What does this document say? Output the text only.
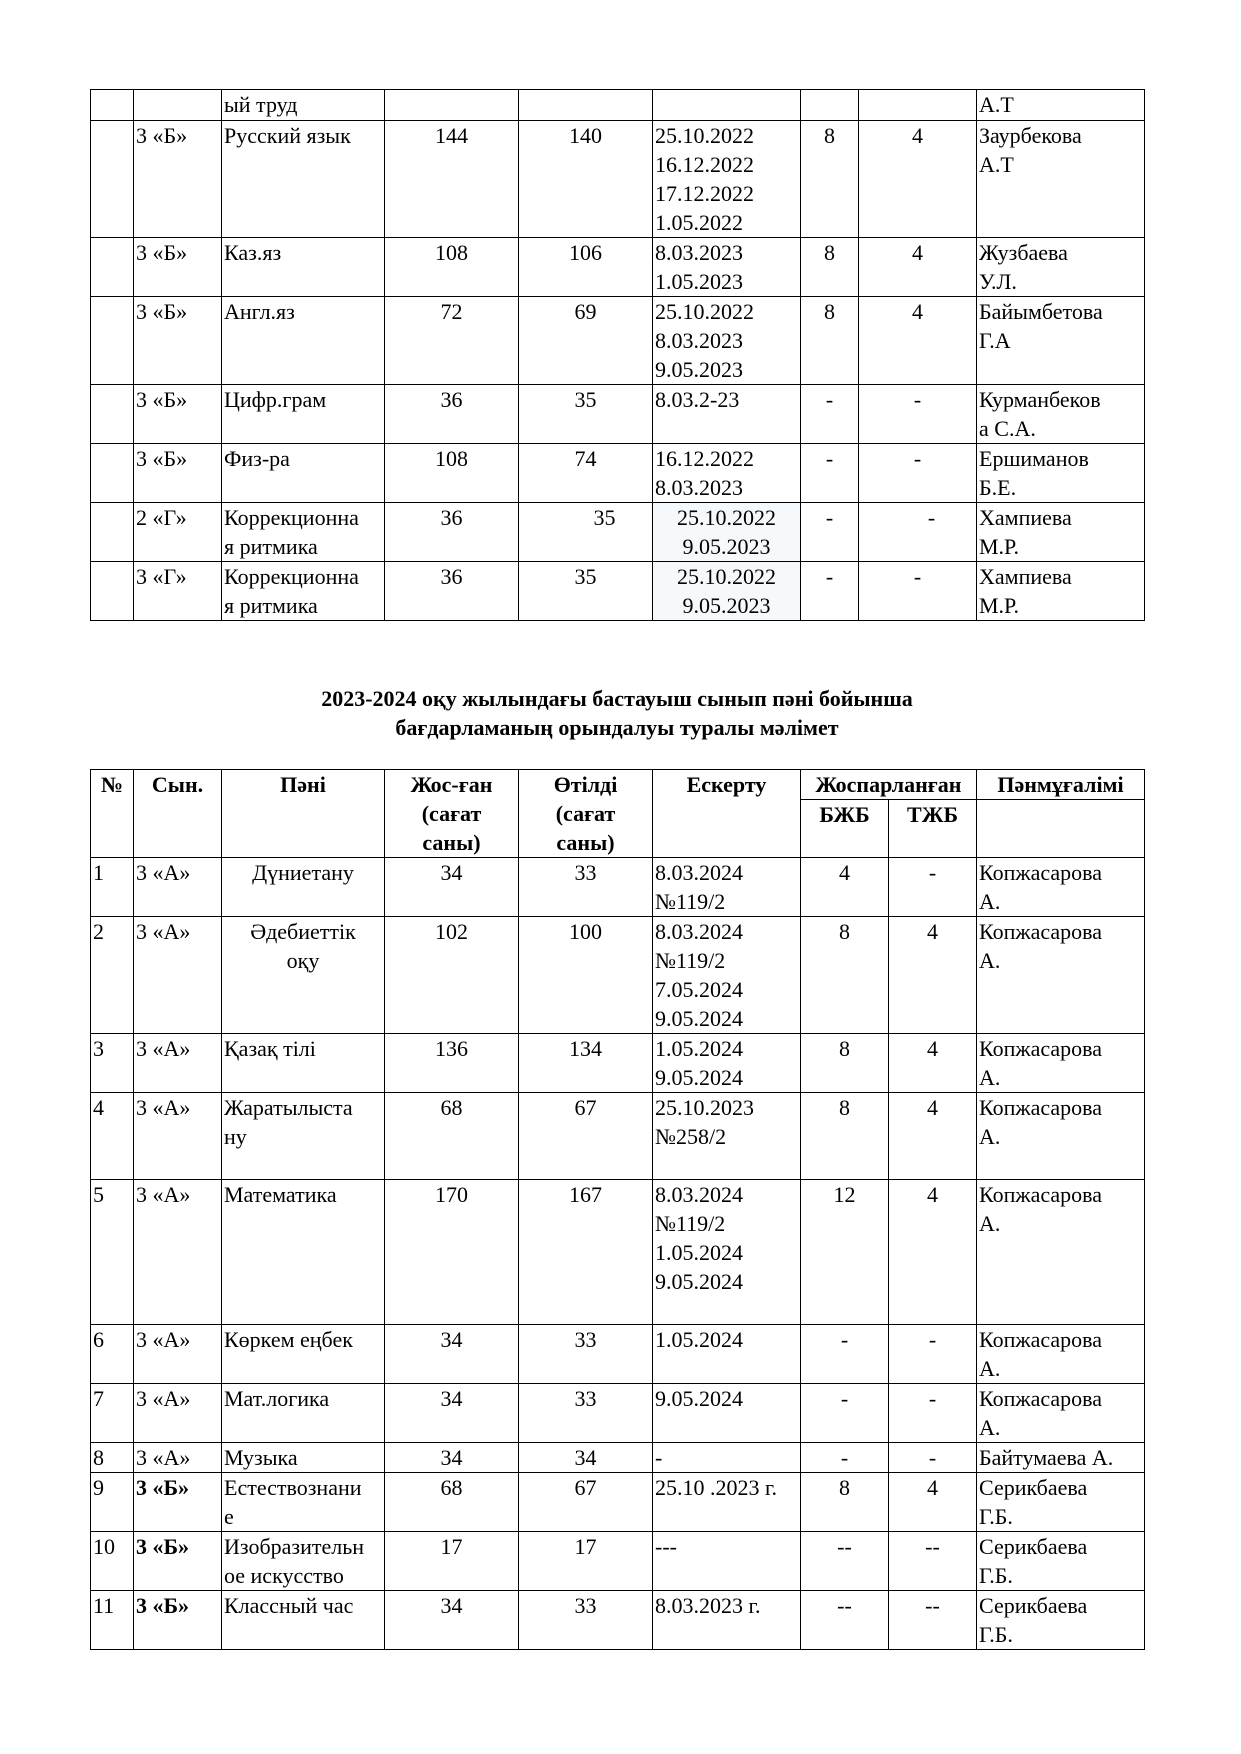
		ый труд						А.Т
	3 «Б»	Русский язык	144	140	25.10.2022
16.12.2022
17.12.2022
1.05.2022	8	4	Заурбекова
А.Т
	3 «Б»	Каз.яз	108	106	8.03.2023
1.05.2023	8	4	Жузбаева
У.Л.
	3 «Б»	Англ.яз	72	69	25.10.2022
8.03.2023
9.05.2023	8	4	Байымбетова
Г.А
	3 «Б»	Цифр.грам	36	35	8.03.2-23	-	-	Курманбеков
а С.А.
	3 «Б»	Физ-ра	108	74	16.12.2022
8.03.2023	-	-	Ершиманов
Б.Е.
	2 «Г»	Коррекционна
я ритмика	36	35	25.10.2022
9.05.2023	-	-	Хампиева
М.Р.
	3 «Г»	Коррекционна
я ритмика	36	35	25.10.2022
9.05.2023	-	-	Хампиева
М.Р.
2023-2024 оқу жылындағы бастауыш сынып пәні бойынша
бағдарламаның орындалуы туралы мәлімет
№	Сын.	Пәні	Жос-ған
(сағат
саны)	Өтілді
(сағат
саны)	Ескерту	Жоспарланған		Пәнмұғалімі
						БЖБ	ТЖБ	
1	3 «А»	Дүниетану	34	33	8.03.2024
№119/2	4	-	Копжасарова
А.
2	3 «А»	Әдебиеттік
оқу	102	100	8.03.2024
№119/2
7.05.2024
9.05.2024	8	4	Копжасарова
А.
3	3 «А»	Қазақ тілі	136	134	1.05.2024
9.05.2024	8	4	Копжасарова
А.
4	3 «А»	Жаратылыста
ну	68	67	25.10.2023
№258/2	8	4	Копжасарова
А.
5	3 «А»	Математика	170	167	8.03.2024
№119/2
1.05.2024
9.05.2024	12	4	Копжасарова
А.
6	3 «А»	Көркем еңбек	34	33	1.05.2024	-	-	Копжасарова
А.
7	3 «А»	Мат.логика	34	33	9.05.2024	-	-	Копжасарова
А.
8	3 «А»	Музыка	34	34	-	-	-	Байтумаева А.
9	3 «Б»	Естествознани
е	68	67	25.10 .2023 г.	8	4	Серикбаева
Г.Б.
10	3 «Б»	Изобразительн
ое искусство	17	17	---	--	--	Серикбаева
Г.Б.
11	3 «Б»	Классный час	34	33	8.03.2023 г.	--	--	Серикбаева
Г.Б.
